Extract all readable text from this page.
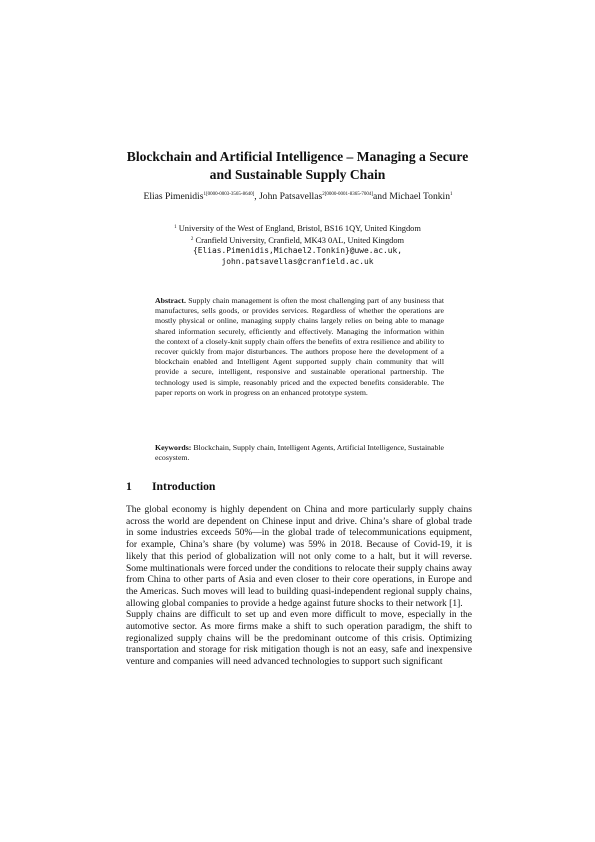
Blockchain and Artificial Intelligence – Managing a Secure and Sustainable Supply Chain
Elias Pimenidis$^{1[0000-0003-3565-8640]}$, John Patsavellas$^{2[0000-0001-8365-7004]}$and Michael Tonkin$^1$
$^1$ University of the West of England, Bristol, BS16 1QY, United Kingdom
$^2$ Cranfield University, Cranfield, MK43 0AL, United Kingdom
{Elias.Pimenidis,Michael2.Tonkin}@uwe.ac.uk, john.patsavellas@cranfield.ac.uk
Abstract. Supply chain management is often the most challenging part of any business that manufactures, sells goods, or provides services. Regardless of whether the operations are mostly physical or online, managing supply chains largely relies on being able to manage shared information securely, efficiently and effectively. Managing the information within the context of a closely-knit supply chain offers the benefits of extra resilience and ability to recover quickly from major disturbances. The authors propose here the development of a blockchain enabled and Intelligent Agent supported supply chain community that will provide a secure, intelligent, responsive and sustainable operational partnership. The technology used is simple, reasonably priced and the expected benefits considerable. The paper reports on work in progress on an enhanced prototype system.
Keywords: Blockchain, Supply chain, Intelligent Agents, Artificial Intelligence, Sustainable ecosystem.
1 Introduction

The global economy is highly dependent on China and more particularly supply chains across the world are dependent on Chinese input and drive. China’s share of global trade in some industries exceeds 50%—in the global trade of telecommunications equipment, for example, China’s share (by volume) was 59% in 2018. Because of Covid-19, it is likely that this period of globalization will not only come to a halt, but it will reverse. Some multinationals were forced under the conditions to relocate their supply chains away from China to other parts of Asia and even closer to their core operations, in Europe and the Americas. Such moves will lead to building quasi-independent regional supply chains, allowing global companies to provide a hedge against future shocks to their network [1].

Supply chains are difficult to set up and even more difficult to move, especially in the automotive sector. As more firms make a shift to such operation paradigm, the shift to regionalized supply chains will be the predominant outcome of this crisis. Optimizing transportation and storage for risk mitigation though is not an easy, safe and inexpensive venture and companies will need advanced technologies to support such significant
